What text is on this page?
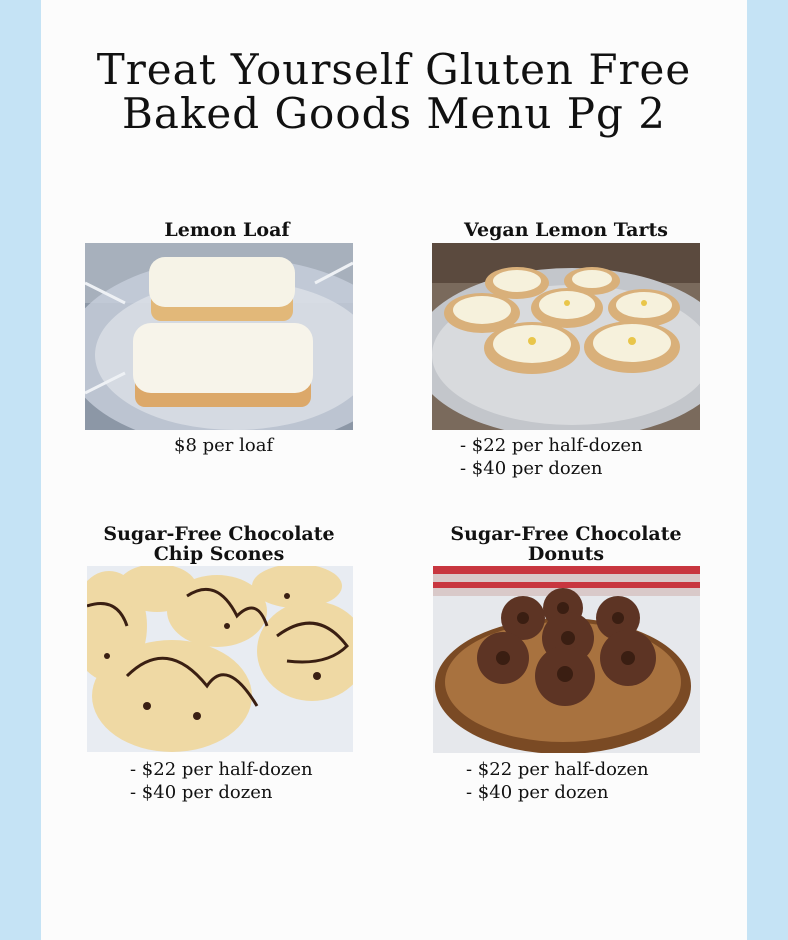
Treat Yourself Gluten Free
Baked Goods Menu Pg 2
Lemon Loaf
$8 per loaf
Vegan Lemon Tarts
- $22 per half-dozen
- $40 per dozen
Sugar-Free Chocolate
Chip Scones
- $22 per half-dozen
- $40 per dozen
Sugar-Free Chocolate
Donuts
- $22 per half-dozen
- $40 per dozen
